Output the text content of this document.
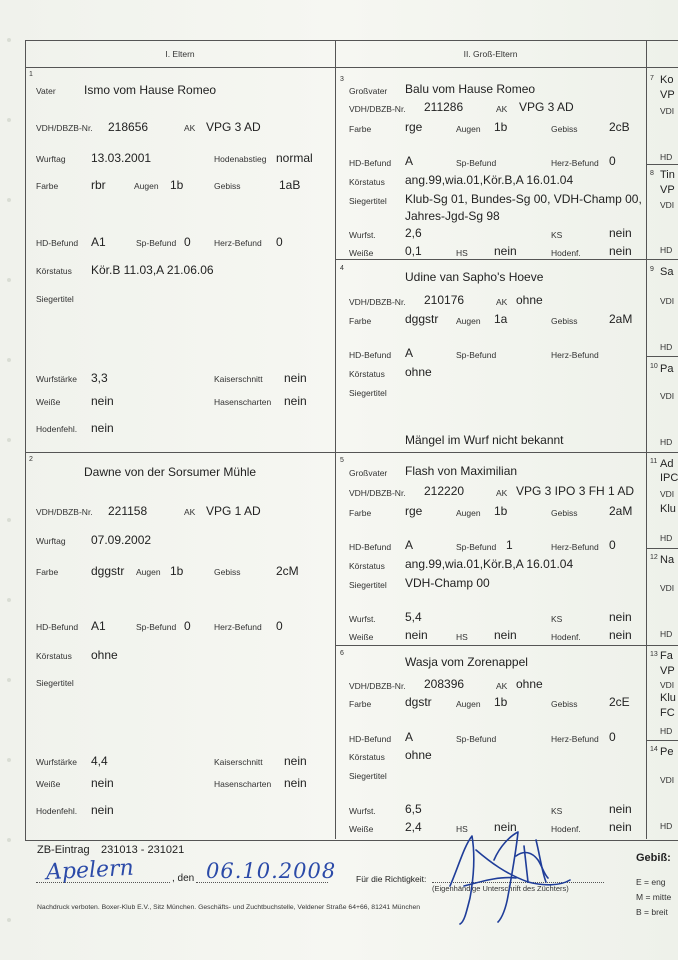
I. Eltern	II. Groß-Eltern
1
Vater Ismo vom Hause Romeo
VDH/DBZB-Nr. 218656	AK VPG 3 AD
Wurftag 13.03.2001	Hodenabstieg normal
Farbe	rbr	Augen 1b	Gebiss	1aB
HD-Befund A1	Sp-Befund 0	Herz-Befund 0
Körstatus Kör.B 11.03,A 21.06.06
Siegertitel
Wurfstärke 3,3	Kaiserschnitt nein
Weiße	nein	Hasenscharten nein
Hodenfehl. nein
2
Dawne von der Sorsumer Mühle
VDH/DBZB-Nr. 221158	AK VPG 1 AD
Wurftag 07.09.2002
Farbe	dggstr Augen 1b	Gebiss	2cM
HD-Befund A1	Sp-Befund 0	Herz-Befund 0
Körstatus ohne
Siegertitel
Wurfstärke 4,4	Kaiserschnitt nein
Weiße	nein	Hasenscharten nein
Hodenfehl. nein
3
Großvater Balu vom Hause Romeo
VDH/DBZB-Nr. 211286	AK VPG 3 AD
Farbe	rge	Augen 1b	Gebiss	2cB
HD-Befund A	Sp-Befund	Herz-Befund 0
Körstatus ang.99,wia.01,Kör.B,A 16.01.04
Siegertitel Klub-Sg 01, Bundes-Sg 00, VDH-Champ 00,
Jahres-Jgd-Sg 98
Wurfst. 2,6	KS	nein
Weiße	0,1	HS nein	Hodenf. nein
4
Udine van Sapho's Hoeve
VDH/DBZB-Nr. 210176	AK ohne
Farbe	dggstr Augen 1a	Gebiss	2aM
HD-Befund A	Sp-Befund	Herz-Befund
Körstatus ohne
Siegertitel
Mängel im Wurf nicht bekannt
5
Großvater Flash von Maximilian
VDH/DBZB-Nr. 212220	AK VPG 3 IPO 3 FH 1 AD
Farbe	rge	Augen 1b	Gebiss	2aM
HD-Befund A	Sp-Befund 1	Herz-Befund 0
Körstatus ang.99,wia.01,Kör.B,A 16.01.04
Siegertitel VDH-Champ 00
Wurfst. 5,4	KS	nein
Weiße	nein	HS nein	Hodenf. nein
6
Wasja vom Zorenappel
VDH/DBZB-Nr. 208396	AK ohne
Farbe	dgstr	Augen 1b	Gebiss	2cE
HD-Befund A	Sp-Befund	Herz-Befund 0
Körstatus ohne
Siegertitel
Wurfst. 6,5	KS	nein
Weiße	2,4	HS nein	Hodenf. nein
7 Ko
VP
VDI
HD
8 Tin
VP
VDI
HD
9 Sa
VDI
HD
10 Pa
VDI
HD
11 Ad
IPC
VDI
Klu
HD
12 Na
VDI
HD
13 Fa
VP
VDI
Klu
FC
HD
14 Pe
VDI
HD
Gebiß:
E = eng
M = mitte
B = breit
ZB-Eintrag 231013 - 231021
Apelern	, den 06.10.2008 Für die Richtigkeit:
(Eigenhändige Unterschrift des Züchters)
Nachdruck verboten. Boxer-Klub E.V., Sitz München. Geschäfts- und Zuchtbuchstelle, Veldener Straße 64+66, 81241 München
